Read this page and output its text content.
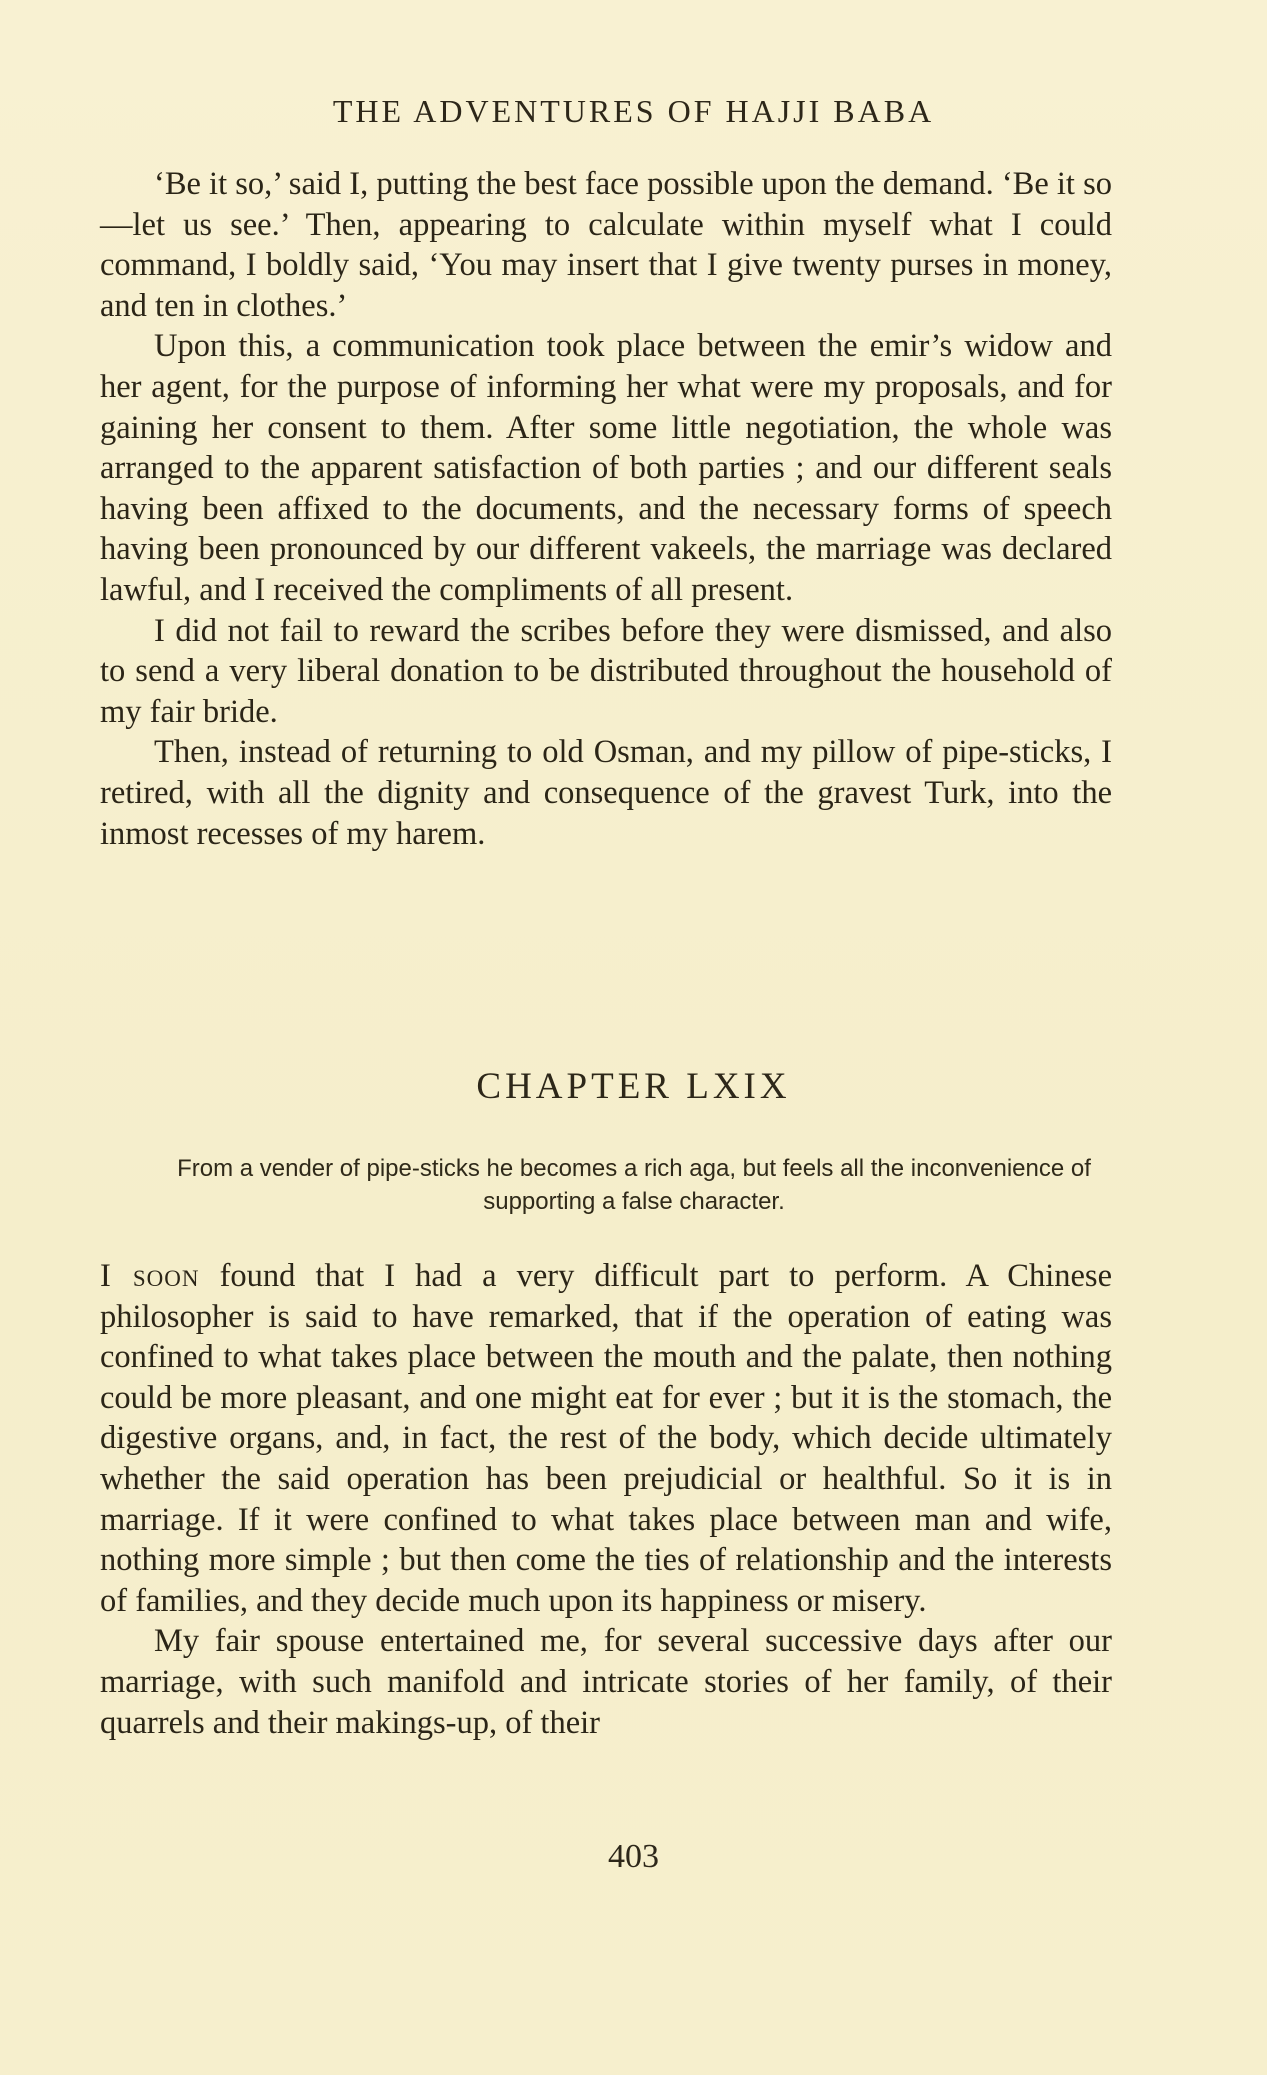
THE ADVENTURES OF HAJJI BABA

‘Be it so,’ said I, putting the best face possible upon the demand. ‘Be it so—let us see.’ Then, appearing to calculate within myself what I could command, I boldly said, ‘You may insert that I give twenty purses in money, and ten in clothes.’

Upon this, a communication took place between the emir’s widow and her agent, for the purpose of informing her what were my proposals, and for gaining her consent to them. After some little negotiation, the whole was arranged to the apparent satisfaction of both parties ; and our different seals having been affixed to the documents, and the necessary forms of speech having been pronounced by our different vakeels, the marriage was declared lawful, and I received the compliments of all present.

I did not fail to reward the scribes before they were dismissed, and also to send a very liberal donation to be distributed throughout the household of my fair bride.

Then, instead of returning to old Osman, and my pillow of pipe-sticks, I retired, with all the dignity and consequence of the gravest Turk, into the inmost recesses of my harem.

CHAPTER LXIX
From a vender of pipe-sticks he becomes a rich aga, but feels all the inconvenience of supporting a false character.

I soon found that I had a very difficult part to perform. A Chinese philosopher is said to have remarked, that if the operation of eating was confined to what takes place between the mouth and the palate, then nothing could be more pleasant, and one might eat for ever ; but it is the stomach, the digestive organs, and, in fact, the rest of the body, which decide ultimately whether the said operation has been prejudicial or healthful. So it is in marriage. If it were confined to what takes place between man and wife, nothing more simple ; but then come the ties of relationship and the interests of families, and they decide much upon its happiness or misery.

My fair spouse entertained me, for several successive days after our marriage, with such manifold and intricate stories of her family, of their quarrels and their makings-up, of their

403
